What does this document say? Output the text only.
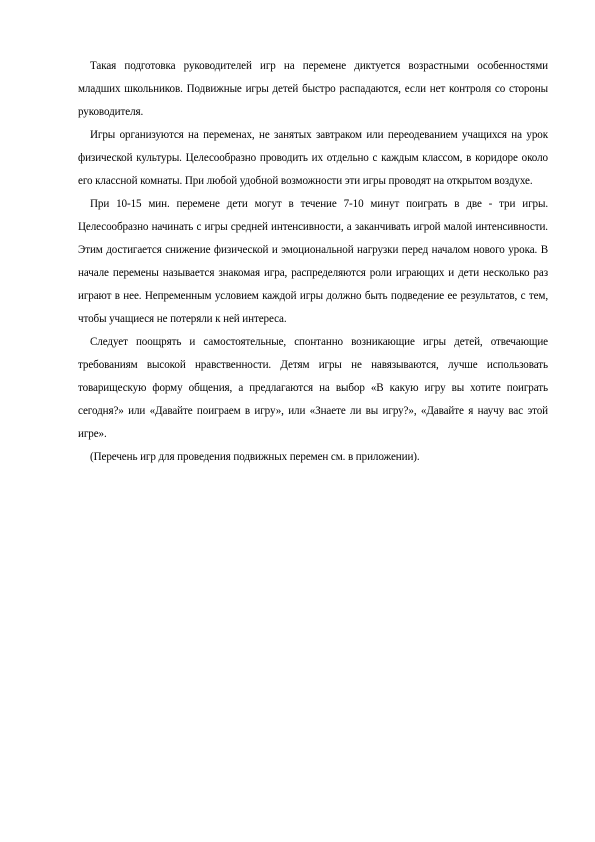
Такая подготовка руководителей игр на перемене диктуется возрастными особенностями младших школьников. Подвижные игры детей быстро распадаются, если нет контроля со стороны руководителя.

Игры организуются на переменах, не занятых завтраком или переодеванием учащихся на урок физической культуры. Целесообразно проводить их отдельно с каждым классом, в коридоре около его классной комнаты. При любой удобной возможности эти игры проводят на открытом воздухе.

При 10-15 мин. перемене дети могут в течение 7-10 минут поиграть в две - три игры. Целесообразно начинать с игры средней интенсивности, а заканчивать игрой малой интенсивности. Этим достигается снижение физической и эмоциональной нагрузки перед началом нового урока. В начале перемены называется знакомая игра, распределяются роли играющих и дети несколько раз играют в нее. Непременным условием каждой игры должно быть подведение ее результатов, с тем, чтобы учащиеся не потеряли к ней интереса.

Следует поощрять и самостоятельные, спонтанно возникающие игры детей, отвечающие требованиям высокой нравственности. Детям игры не навязываются, лучше использовать товарищескую форму общения, а предлагаются на выбор «В какую игру вы хотите поиграть сегодня?» или «Давайте поиграем в игру», или «Знаете ли вы игру?», «Давайте я научу вас этой игре».

(Перечень игр для проведения подвижных перемен см. в приложении).
